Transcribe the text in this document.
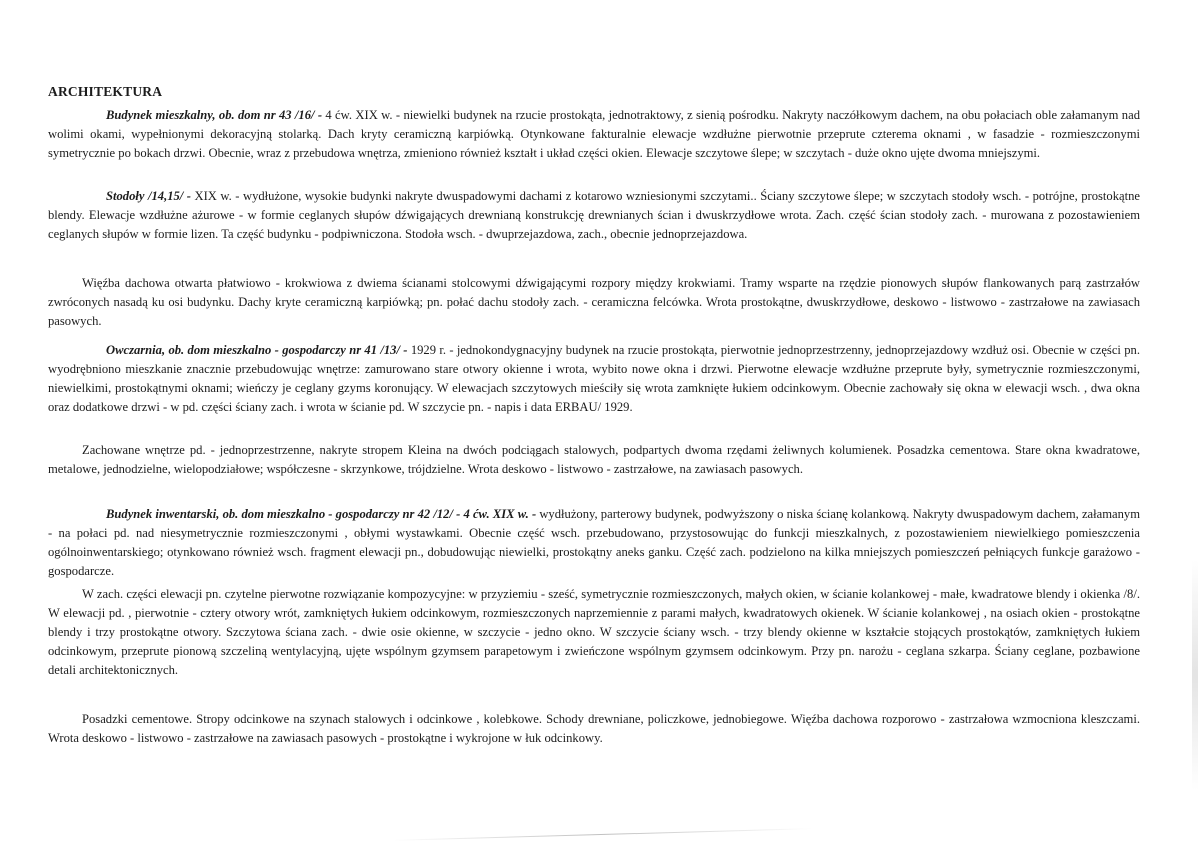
ARCHITEKTURA
Budynek mieszkalny, ob. dom nr 43 /16/ - 4 ćw. XIX w. - niewielki budynek na rzucie prostokąta, jednotraktowy, z sienią pośrodku. Nakryty naczółkowym dachem, na obu połaciach oble załamanym nad wolimi okami, wypełnionymi dekoracyjną stolarką. Dach kryty ceramiczną karpiówką. Otynkowane fakturalnie elewacje wzdłużne pierwotnie przeprute czterema oknami , w fasadzie - rozmieszczonymi symetrycznie po bokach drzwi. Obecnie, wraz z przebudowa wnętrza, zmieniono również kształt i układ części okien. Elewacje szczytowe ślepe; w szczytach - duże okno ujęte dwoma mniejszymi.
Stodoły /14,15/ - XIX w. - wydłużone, wysokie budynki nakryte dwuspadowymi dachami z kotarowo wzniesionymi szczytami.. Ściany szczytowe ślepe; w szczytach stodoły wsch. - potrójne, prostokątne blendy. Elewacje wzdłużne ażurowe - w formie ceglanych słupów dźwigających drewnianą konstrukcję drewnianych ścian i dwuskrzydłowe wrota. Zach. część ścian stodoły zach. - murowana z pozostawieniem ceglanych słupów w formie lizen. Ta część budynku - podpiwniczona. Stodoła wsch. - dwuprzejazdowa, zach., obecnie jednoprzejazdowa.
Więźba dachowa otwarta płatwiowo - krokwiowa z dwiema ścianami stolcowymi dźwigającymi rozpory między krokwiami. Tramy wsparte na rzędzie pionowych słupów flankowanych parą zastrzałów zwróconych nasadą ku osi budynku. Dachy kryte ceramiczną karpiówką; pn. połać dachu stodoły zach. - ceramiczna felcówka. Wrota prostokątne, dwuskrzydłowe, deskowo - listwowo - zastrzałowe na zawiasach pasowych.
Owczarnia, ob. dom mieszkalno - gospodarczy nr 41 /13/ - 1929 r. - jednokondygnacyjny budynek na rzucie prostokąta, pierwotnie jednoprzestrzenny, jednoprzejazdowy wzdłuż osi. Obecnie w części pn. wyodrębniono mieszkanie znacznie przebudowując wnętrze: zamurowano stare otwory okienne i wrota, wybito nowe okna i drzwi. Pierwotne elewacje wzdłużne przeprute były, symetrycznie rozmieszczonymi, niewielkimi, prostokątnymi oknami; wieńczy je ceglany gzyms koronujący. W elewacjach szczytowych mieściły się wrota zamknięte łukiem odcinkowym. Obecnie zachowały się okna w elewacji wsch. , dwa okna oraz dodatkowe drzwi - w pd. części ściany zach. i wrota w ścianie pd. W szczycie pn. - napis i data ERBAU/ 1929.
Zachowane wnętrze pd. - jednoprzestrzenne, nakryte stropem Kleina na dwóch podciągach stalowych, podpartych dwoma rzędami żeliwnych kolumienek. Posadzka cementowa. Stare okna kwadratowe, metalowe, jednodzielne, wielopodziałowe; współczesne - skrzynkowe, trójdzielne. Wrota deskowo - listwowo - zastrzałowe, na zawiasach pasowych.
Budynek inwentarski, ob. dom mieszkalno - gospodarczy nr 42 /12/ - 4 ćw. XIX w. - wydłużony, parterowy budynek, podwyższony o niska ścianę kolankową. Nakryty dwuspadowym dachem, załamanym - na połaci pd. nad niesymetrycznie rozmieszczonymi , obłymi wystawkami. Obecnie część wsch. przebudowano, przystosowując do funkcji mieszkalnych, z pozostawieniem niewielkiego pomieszczenia ogólnoinwentarskiego; otynkowano również wsch. fragment elewacji pn., dobudowując niewielki, prostokątny aneks ganku. Część zach. podzielono na kilka mniejszych pomieszczeń pełniących funkcje garażowo - gospodarcze.
W zach. części elewacji pn. czytelne pierwotne rozwiązanie kompozycyjne: w przyziemiu - sześć, symetrycznie rozmieszczonych, małych okien, w ścianie kolankowej - małe, kwadratowe blendy i okienka /8/. W elewacji pd. , pierwotnie - cztery otwory wrót, zamkniętych łukiem odcinkowym, rozmieszczonych naprzemiennie z parami małych, kwadratowych okienek. W ścianie kolankowej , na osiach okien - prostokątne blendy i trzy prostokątne otwory. Szczytowa ściana zach. - dwie osie okienne, w szczycie - jedno okno. W szczycie ściany wsch. - trzy blendy okienne w kształcie stojących prostokątów, zamkniętych łukiem odcinkowym, przeprute pionową szczeliną wentylacyjną, ujęte wspólnym gzymsem parapetowym i zwieńczone wspólnym gzymsem odcinkowym. Przy pn. narożu - ceglana szkarpa. Ściany ceglane, pozbawione detali architektonicznych.
Posadzki cementowe. Stropy odcinkowe na szynach stalowych i odcinkowe , kolebkowe. Schody drewniane, policzkowe, jednobiegowe. Więźba dachowa rozporowo - zastrzałowa wzmocniona kleszczami. Wrota deskowo - listwowo - zastrzałowe na zawiasach pasowych - prostokątne i wykrojone w łuk odcinkowy.
